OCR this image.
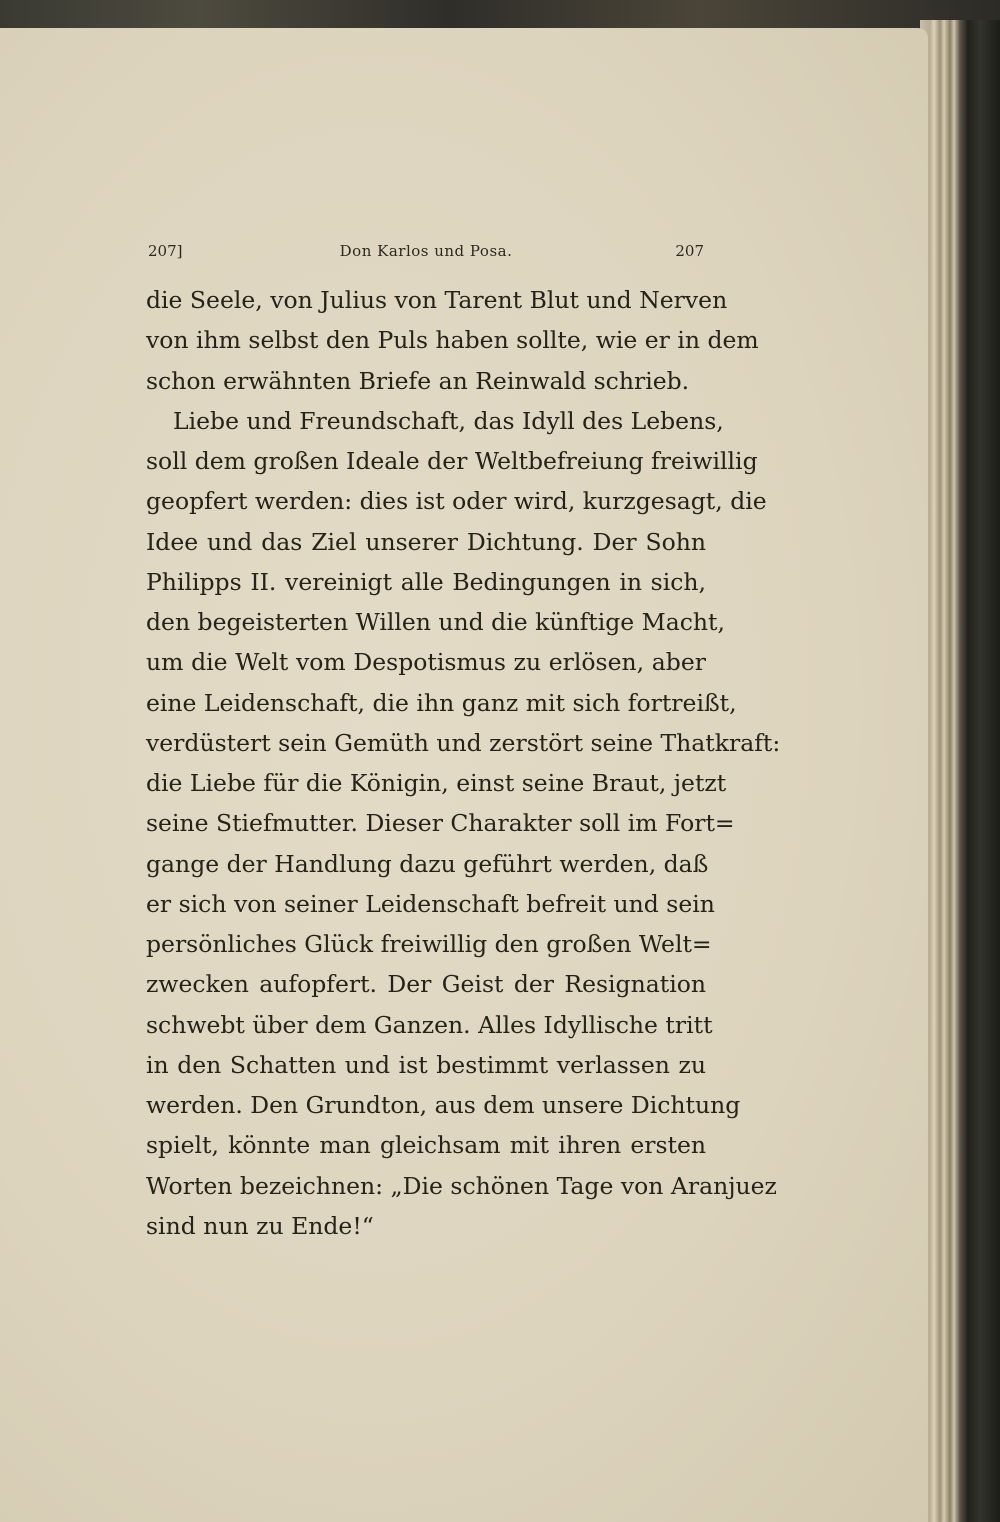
207]	Don Karlos und Posa.	207
die Seele, von Julius von Tarent Blut und Nerven
von ihm selbst den Puls haben sollte, wie er in dem
schon erwähnten Briefe an Reinwald schrieb.
Liebe und Freundschaft, das Idyll des Lebens,
soll dem großen Ideale der Weltbefreiung freiwillig
geopfert werden: dies ist oder wird, kurzgesagt, die
Idee und das Ziel unserer Dichtung. Der Sohn
Philipps II. vereinigt alle Bedingungen in sich,
den begeisterten Willen und die künftige Macht,
um die Welt vom Despotismus zu erlösen, aber
eine Leidenschaft, die ihn ganz mit sich fortreißt,
verdüstert sein Gemüth und zerstört seine Thatkraft:
die Liebe für die Königin, einst seine Braut, jetzt
seine Stiefmutter. Dieser Charakter soll im Fort=
gange der Handlung dazu geführt werden, daß
er sich von seiner Leidenschaft befreit und sein
persönliches Glück freiwillig den großen Welt=
zwecken aufopfert. Der Geist der Resignation
schwebt über dem Ganzen. Alles Idyllische tritt
in den Schatten und ist bestimmt verlassen zu
werden. Den Grundton, aus dem unsere Dichtung
spielt, könnte man gleichsam mit ihren ersten
Worten bezeichnen: „Die schönen Tage von Aranjuez
sind nun zu Ende!“
